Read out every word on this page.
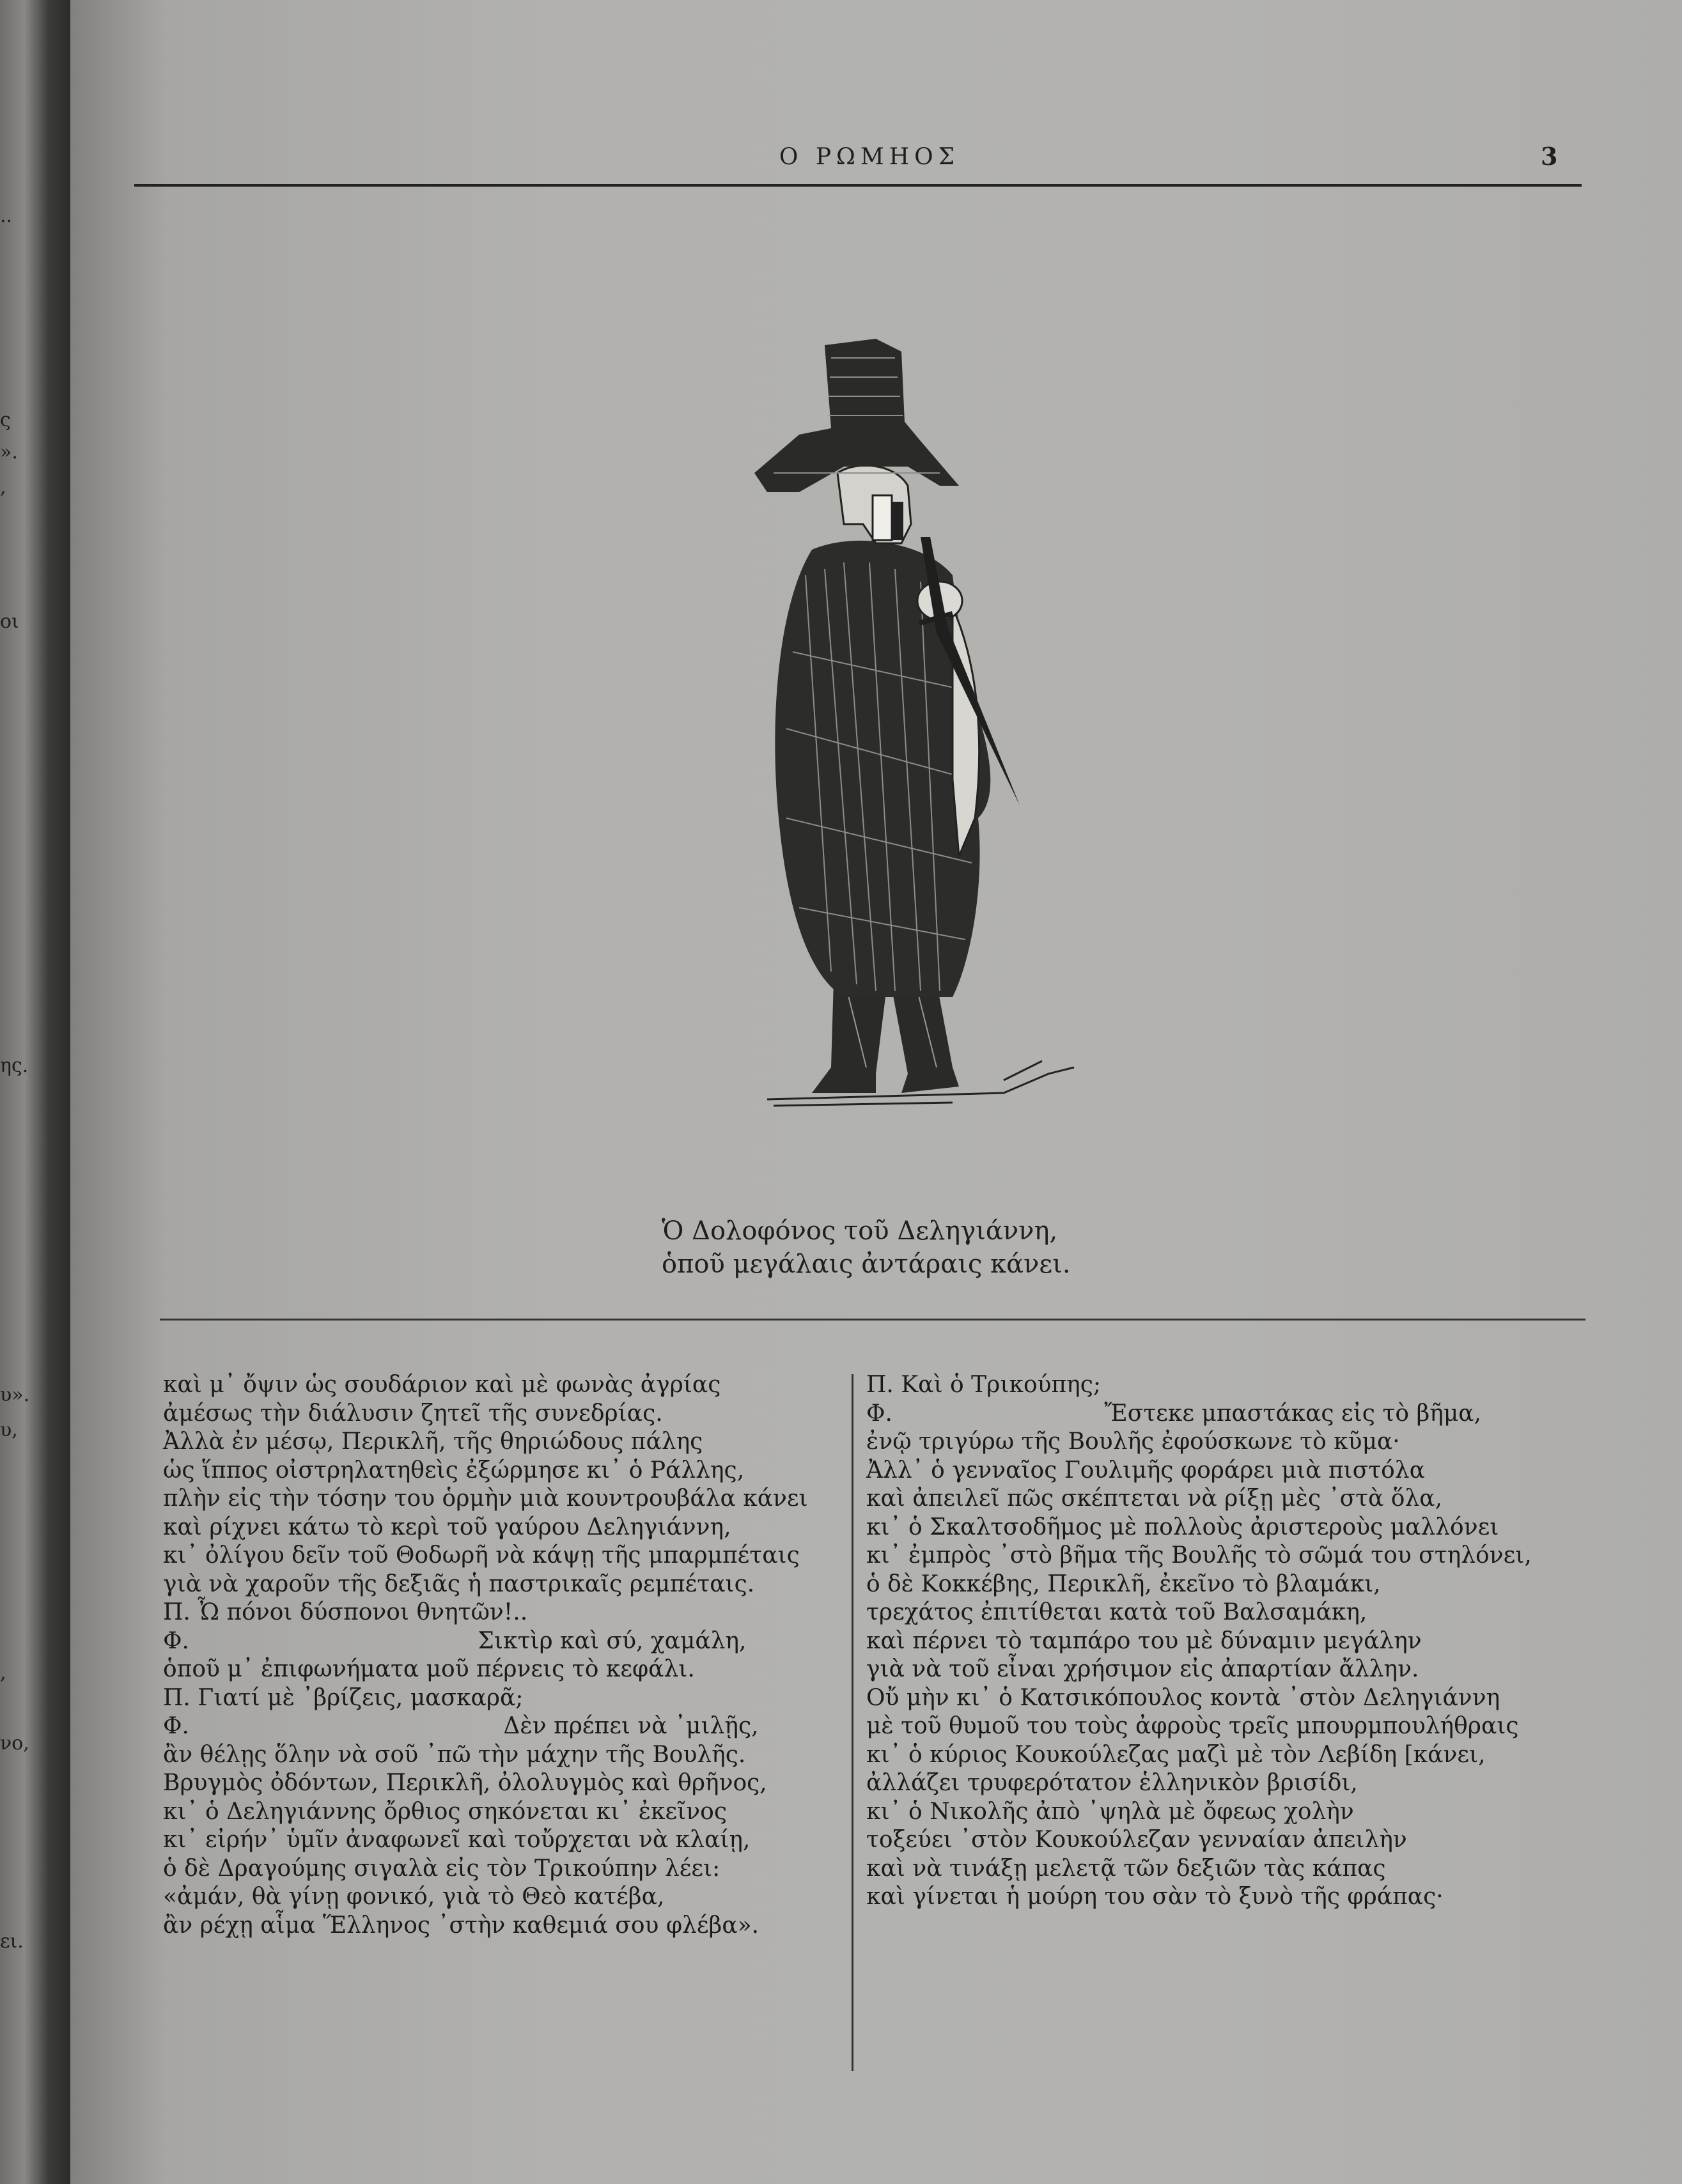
..
ς
».
,
οι
ης.
υ».
υ,
,
νο,
ει.
Ο ΡΩΜΗΟΣ	3
Ὁ Δολοφόνος τοῦ Δεληγιάννη,
ὁποῦ μεγάλαις ἀντάραις κάνει.
καὶ μ᾿ ὄψιν ὡς σουδάριον καὶ μὲ φωνὰς ἀγρίας
ἀμέσως τὴν διάλυσιν ζητεῖ τῆς συνεδρίας.
Ἀλλὰ ἐν μέσῳ, Περικλῆ, τῆς θηριώδους πάλης
ὡς ἵππος οἰστρηλατηθεὶς ἐξώρμησε κι᾿ ὁ Ράλλης,
πλὴν εἰς τὴν τόσην του ὁρμὴν μιὰ κουντρουβάλα κάνει
καὶ ρίχνει κάτω τὸ κερὶ τοῦ γαύρου Δεληγιάννη,
κι᾿ ὀλίγου δεῖν τοῦ Θοδωρῆ νὰ κάψῃ τῆς μπαρμπέταις
γιὰ νὰ χαροῦν τῆς δεξιᾶς ἡ παστρικαῖς ρεμπέταις.
Π. Ὦ πόνοι δύσπονοι θνητῶν!..
Φ.	Σικτὶρ καὶ σύ, χαμάλη,
ὁποῦ μ᾿ ἐπιφωνήματα μοῦ πέρνεις τὸ κεφάλι.
Π. Γιατί μὲ ᾿βρίζεις, μασκαρᾶ;
Φ.	Δὲν πρέπει νὰ ᾿μιλῇς,
ἂν θέλῃς ὅλην νὰ σοῦ ᾿πῶ τὴν μάχην τῆς Βουλῆς.
Βρυγμὸς ὀδόντων, Περικλῆ, ὀλολυγμὸς καὶ θρῆνος,
κι᾿ ὁ Δεληγιάννης ὄρθιος σηκόνεται κι᾿ ἐκεῖνος
κι᾿ εἰρήν᾿ ὑμῖν ἀναφωνεῖ καὶ τοὔρχεται νὰ κλαίῃ,
ὁ δὲ Δραγούμης σιγαλὰ εἰς τὸν Τρικούπην λέει:
«ἀμάν, θὰ γίνῃ φονικό, γιὰ τὸ Θεὸ κατέβα,
ἂν ρέχῃ αἷμα Ἕλληνος ᾿στὴν καθεμιά σου φλέβα».
Π. Καὶ ὁ Τρικούπης;
Φ.	Ἔστεκε μπαστάκας εἰς τὸ βῆμα,
ἐνῷ τριγύρω τῆς Βουλῆς ἐφούσκωνε τὸ κῦμα·
Ἀλλ᾿ ὁ γενναῖος Γουλιμῆς φοράρει μιὰ πιστόλα
καὶ ἀπειλεῖ πῶς σκέπτεται νὰ ρίξῃ μὲς ᾿στὰ ὅλα,
κι᾿ ὁ Σκαλτσοδῆμος μὲ πολλοὺς ἀριστεροὺς μαλλόνει
κι᾿ ἐμπρὸς ᾿στὸ βῆμα τῆς Βουλῆς τὸ σῶμά του στηλόνει,
ὁ δὲ Κοκκέβης, Περικλῆ, ἐκεῖνο τὸ βλαμάκι,
τρεχάτος ἐπιτίθεται κατὰ τοῦ Βαλσαμάκη,
καὶ πέρνει τὸ ταμπάρο του μὲ δύναμιν μεγάλην
γιὰ νὰ τοῦ εἶναι χρήσιμον εἰς ἀπαρτίαν ἄλλην.
Οὔ μὴν κι᾿ ὁ Κατσικόπουλος κοντὰ ᾿στὸν Δεληγιάννη
μὲ τοῦ θυμοῦ του τοὺς ἀφροὺς τρεῖς μπουρμπουλήθραις
κι᾿ ὁ κύριος Κουκούλεζας μαζὶ μὲ τὸν Λεβίδη [κάνει,
ἀλλάζει τρυφερότατον ἑλληνικὸν βρισίδι,
κι᾿ ὁ Νικολῆς ἀπὸ ᾿ψηλὰ μὲ ὄφεως χολὴν
τοξεύει ᾿στὸν Κουκούλεζαν γενναίαν ἀπειλὴν
καὶ νὰ τινάξῃ μελετᾷ τῶν δεξιῶν τὰς κάπας
καὶ γίνεται ἡ μούρη του σὰν τὸ ξυνὸ τῆς φράπας·
